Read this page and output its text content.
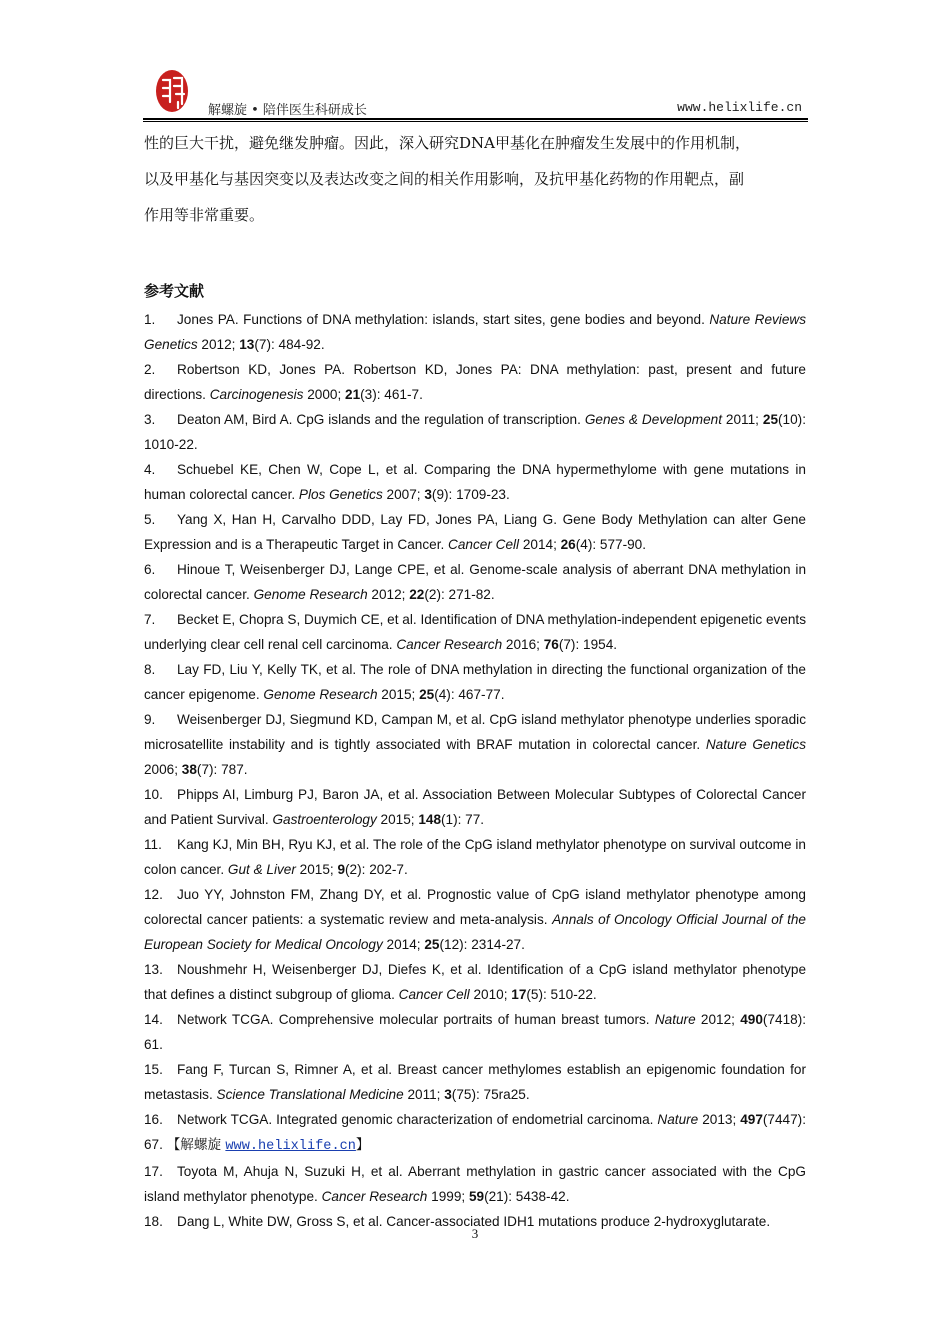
解螺旋 • 陪伴医生科研成长	www.helixlife.cn

性的巨大干扰，避免继发肿瘤。因此，深入研究DNA甲基化在肿瘤发生发展中的作用机制，

以及甲基化与基因突变以及表达改变之间的相关作用影响，及抗甲基化药物的作用靶点，副

作用等非常重要。

参考文献

1. Jones PA. Functions of DNA methylation: islands, start sites, gene bodies and beyond. Nature Reviews Genetics 2012; 13(7): 484-92.

2. Robertson KD, Jones PA. Robertson KD, Jones PA: DNA methylation: past, present and future directions. Carcinogenesis 2000; 21(3): 461-7.

3. Deaton AM, Bird A. CpG islands and the regulation of transcription. Genes & Development 2011; 25(10): 1010-22.

4. Schuebel KE, Chen W, Cope L, et al. Comparing the DNA hypermethylome with gene mutations in human colorectal cancer. Plos Genetics 2007; 3(9): 1709-23.

5. Yang X, Han H, Carvalho DDD, Lay FD, Jones PA, Liang G. Gene Body Methylation can alter Gene Expression and is a Therapeutic Target in Cancer. Cancer Cell 2014; 26(4): 577-90.

6. Hinoue T, Weisenberger DJ, Lange CPE, et al. Genome-scale analysis of aberrant DNA methylation in colorectal cancer. Genome Research 2012; 22(2): 271-82.

7. Becket E, Chopra S, Duymich CE, et al. Identification of DNA methylation-independent epigenetic events underlying clear cell renal cell carcinoma. Cancer Research 2016; 76(7): 1954.

8. Lay FD, Liu Y, Kelly TK, et al. The role of DNA methylation in directing the functional organization of the cancer epigenome. Genome Research 2015; 25(4): 467-77.

9. Weisenberger DJ, Siegmund KD, Campan M, et al. CpG island methylator phenotype underlies sporadic microsatellite instability and is tightly associated with BRAF mutation in colorectal cancer. Nature Genetics 2006; 38(7): 787.

10. Phipps AI, Limburg PJ, Baron JA, et al. Association Between Molecular Subtypes of Colorectal Cancer and Patient Survival. Gastroenterology 2015; 148(1): 77.

11. Kang KJ, Min BH, Ryu KJ, et al. The role of the CpG island methylator phenotype on survival outcome in colon cancer. Gut & Liver 2015; 9(2): 202-7.

12. Juo YY, Johnston FM, Zhang DY, et al. Prognostic value of CpG island methylator phenotype among colorectal cancer patients: a systematic review and meta-analysis. Annals of Oncology Official Journal of the European Society for Medical Oncology 2014; 25(12): 2314-27.

13. Noushmehr H, Weisenberger DJ, Diefes K, et al. Identification of a CpG island methylator phenotype that defines a distinct subgroup of glioma. Cancer Cell 2010; 17(5): 510-22.

14. Network TCGA. Comprehensive molecular portraits of human breast tumors. Nature 2012; 490(7418): 61.

15. Fang F, Turcan S, Rimner A, et al. Breast cancer methylomes establish an epigenomic foundation for metastasis. Science Translational Medicine 2011; 3(75): 75ra25.

16. Network TCGA. Integrated genomic characterization of endometrial carcinoma. Nature 2013; 497(7447): 67. 【解螺旋 www.helixlife.cn】

17. Toyota M, Ahuja N, Suzuki H, et al. Aberrant methylation in gastric cancer associated with the CpG island methylator phenotype. Cancer Research 1999; 59(21): 5438-42.

18. Dang L, White DW, Gross S, et al. Cancer-associated IDH1 mutations produce 2-hydroxyglutarate.

3
